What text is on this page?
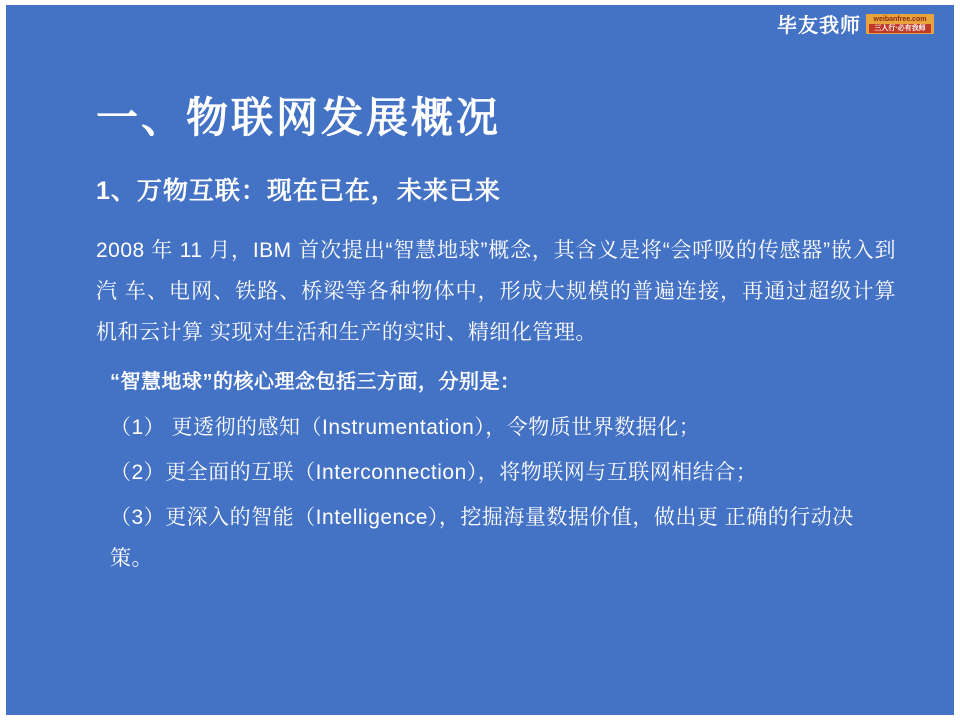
毕友我师 weibanfree.com
三人行·必有我师
一、物联网发展概况
1、万物互联：现在已在，未来已来

2008 年 11 月，IBM 首次提出“智慧地球”概念，其含义是将“会呼吸的传感器”嵌入到汽 车、电网、铁路、桥梁等各种物体中，形成大规模的普遍连接，再通过超级计算机和云计算 实现对生活和生产的实时、精细化管理。

“智慧地球”的核心理念包括三方面，分别是：
（1） 更透彻的感知（Instrumentation），令物质世界数据化；
（2）更全面的互联（Interconnection），将物联网与互联网相结合；
（3）更深入的智能（Intelligence），挖掘海量数据价值，做出更 正确的行动决策。
